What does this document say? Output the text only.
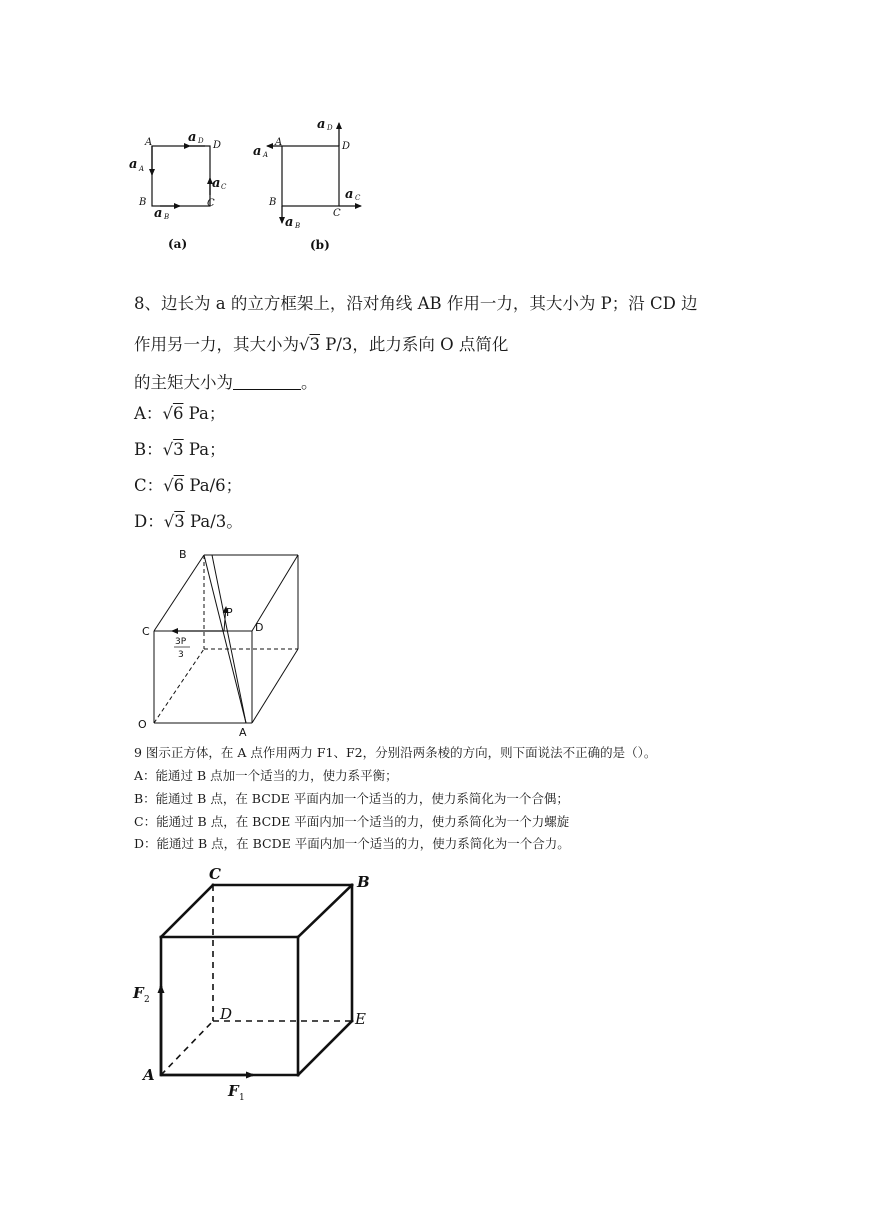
A	D
B	C
a A
a D
a C
a B
(a)
A	D
B
C
a A
a D
a C
a B
(b)
8、边长为 a 的立方框架上，沿对角线 AB 作用一力，其大小为 P；沿 CD 边
作用另一力，其大小为√3 P/3，此力系向 O 点简化
的主矩大小为	。
A：√6 Pa；
B：√3 Pa；
C：√6 Pa/6；
D：√3 Pa/3。
B
C	D
O
A
P
3P
3
9 图示正方体，在 A 点作用两力 F1、F2，分别沿两条棱的方向，则下面说法不正确的是（）。
A：能通过 B 点加一个适当的力，使力系平衡；
B：能通过 B 点，在 BCDE 平面内加一个适当的力，使力系简化为一个合偶；
C：能通过 B 点，在 BCDE 平面内加一个适当的力，使力系简化为一个力螺旋
D：能通过 B 点，在 BCDE 平面内加一个适当的力，使力系简化为一个合力。
C	B
D	E
A
F 2
F 1
